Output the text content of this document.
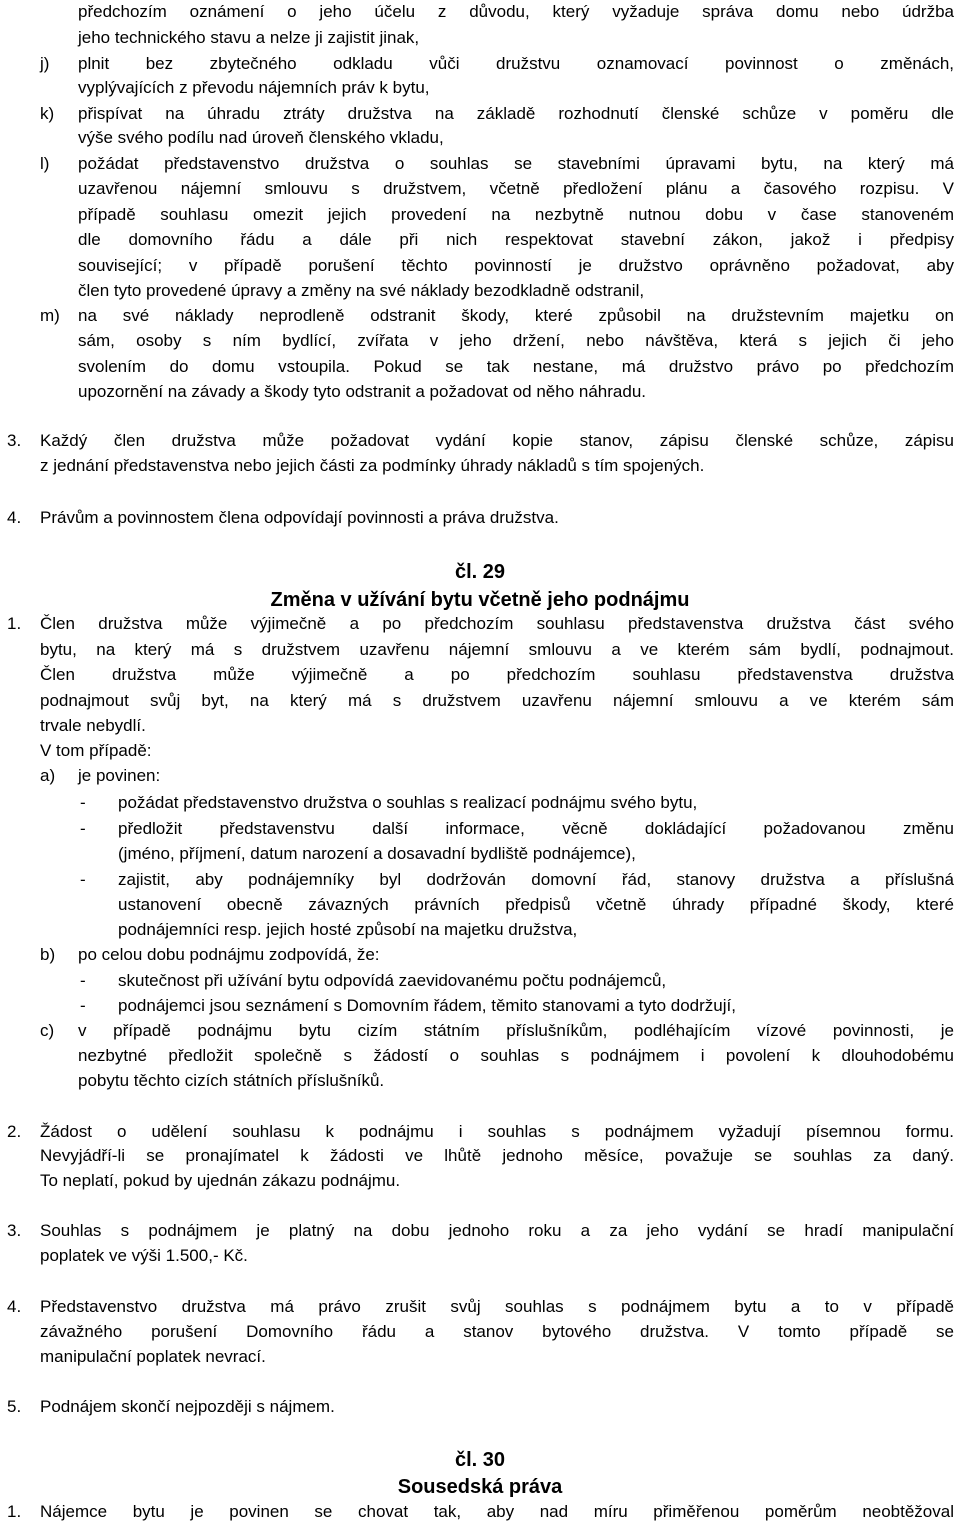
předchozím oznámení o jeho účelu z důvodu, který vyžaduje správa domu nebo údržba
jeho technického stavu a nelze ji zajistit jinak,
j) plnit bez zbytečného odkladu vůči družstvu oznamovací povinnost o změnách,
vyplývajících z převodu nájemních práv k bytu,
k) přispívat na úhradu ztráty družstva na základě rozhodnutí členské schůze v poměru dle
výše svého podílu nad úroveň členského vkladu,
l) požádat představenstvo družstva o souhlas se stavebními úpravami bytu, na který má
uzavřenou nájemní smlouvu s družstvem, včetně předložení plánu a časového rozpisu. V
případě souhlasu omezit jejich provedení na nezbytně nutnou dobu v čase stanoveném
dle domovního řádu a dále při nich respektovat stavební zákon, jakož i předpisy
související; v případě porušení těchto povinností je družstvo oprávněno požadovat, aby
člen tyto provedené úpravy a změny na své náklady bezodkladně odstranil,
m) na své náklady neprodleně odstranit škody, které způsobil na družstevním majetku on
sám, osoby s ním bydlící, zvířata v jeho držení, nebo návštěva, která s jejich či jeho
svolením do domu vstoupila. Pokud se tak nestane, má družstvo právo po předchozím
upozornění na závady a škody tyto odstranit a požadovat od něho náhradu.
3. Každý člen družstva může požadovat vydání kopie stanov, zápisu členské schůze, zápisu
z jednání představenstva nebo jejich části za podmínky úhrady nákladů s tím spojených.
4. Právům a povinnostem člena odpovídají povinnosti a práva družstva.
čl. 29
Změna v užívání bytu včetně jeho podnájmu
1. Člen družstva může výjimečně a po předchozím souhlasu představenstva družstva část svého
bytu, na který má s družstvem uzavřenu nájemní smlouvu a ve kterém sám bydlí, podnajmout.
Člen družstva může výjimečně a po předchozím souhlasu představenstva družstva
podnajmout svůj byt, na který má s družstvem uzavřenu nájemní smlouvu a ve kterém sám
trvale nebydlí.
V tom případě:
a) je povinen:
- požádat představenstvo družstva o souhlas s realizací podnájmu svého bytu,
- předložit představenstvu další informace, věcně dokládající požadovanou změnu
(jméno, příjmení, datum narození a dosavadní bydliště podnájemce),
- zajistit, aby podnájemníky byl dodržován domovní řád, stanovy družstva a příslušná
ustanovení obecně závazných právních předpisů včetně úhrady případné škody, které
podnájemníci resp. jejich hosté způsobí na majetku družstva,
b) po celou dobu podnájmu zodpovídá, že:
- skutečnost při užívání bytu odpovídá zaevidovanému počtu podnájemců,
- podnájemci jsou seznámení s Domovním řádem, těmito stanovami a tyto dodržují,
c) v případě podnájmu bytu cizím státním příslušníkům, podléhajícím vízové povinnosti, je
nezbytné předložit společně s žádostí o souhlas s podnájmem i povolení k dlouhodobému
pobytu těchto cizích státních příslušníků.
2. Žádost o udělení souhlasu k podnájmu i souhlas s podnájmem vyžadují písemnou formu.
Nevyjádří-li se pronajímatel k žádosti ve lhůtě jednoho měsíce, považuje se souhlas za daný.
To neplatí, pokud by ujednán zákazu podnájmu.
3. Souhlas s podnájmem je platný na dobu jednoho roku a za jeho vydání se hradí manipulační
poplatek ve výši 1.500,- Kč.
4. Představenstvo družstva má právo zrušit svůj souhlas s podnájmem bytu a to v případě
závažného porušení Domovního řádu a stanov bytového družstva. V tomto případě se
manipulační poplatek nevrací.
5. Podnájem skončí nejpozději s nájmem.
čl. 30
Sousedská práva
1. Nájemce bytu je povinen se chovat tak, aby nad míru přiměřenou poměrům neobtěžoval
